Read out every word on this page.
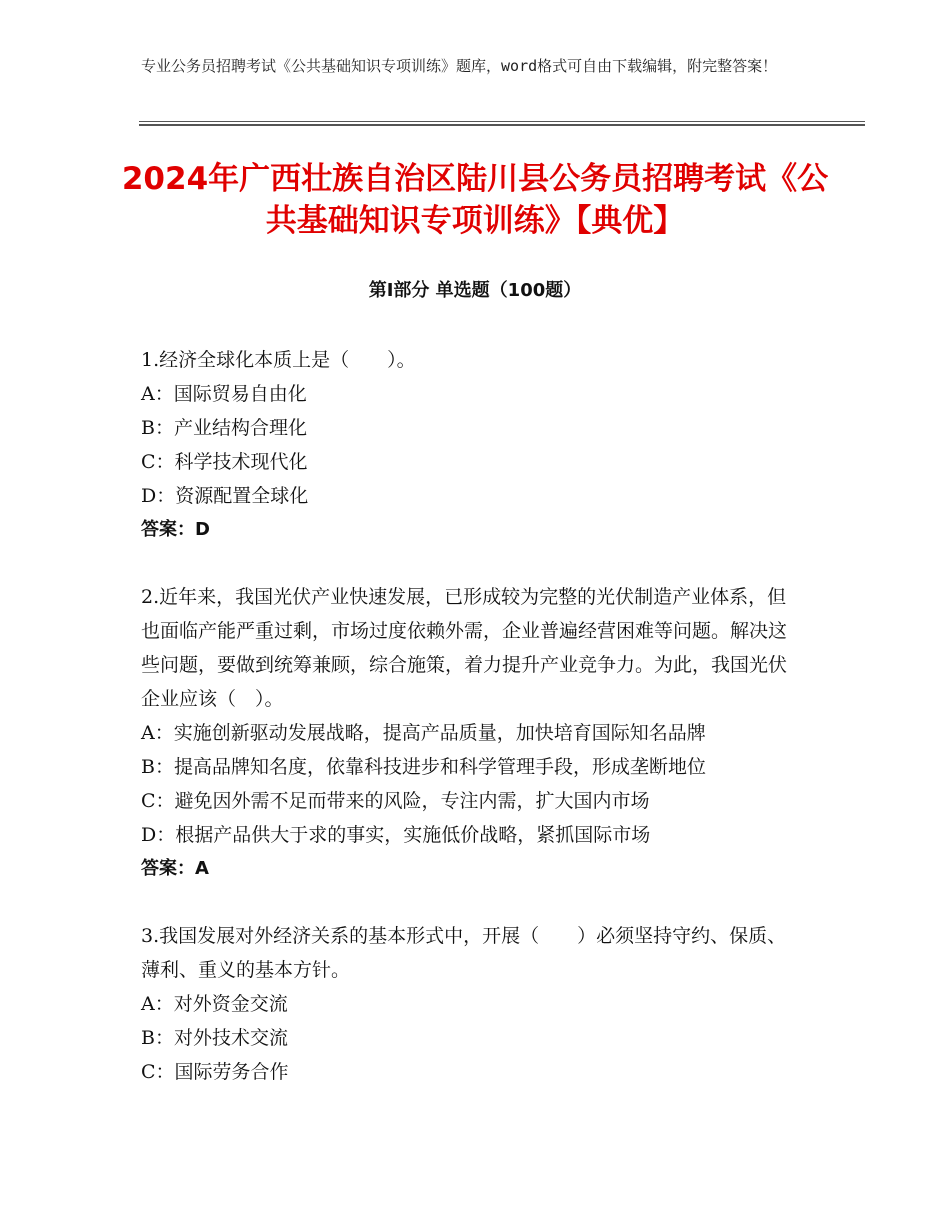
专业公务员招聘考试《公共基础知识专项训练》题库，word格式可自由下载编辑，附完整答案！
2024年广西壮族自治区陆川县公务员招聘考试《公共基础知识专项训练》【典优】
第Ⅰ部分 单选题（100题）

1.经济全球化本质上是（　　）。

A：国际贸易自由化

B：产业结构合理化

C：科学技术现代化

D：资源配置全球化

答案：D

2.近年来，我国光伏产业快速发展，已形成较为完整的光伏制造产业体系，但也面临产能严重过剩，市场过度依赖外需，企业普遍经营困难等问题。解决这些问题，要做到统筹兼顾，综合施策，着力提升产业竞争力。为此，我国光伏企业应该（　）。

A：实施创新驱动发展战略，提高产品质量，加快培育国际知名品牌

B：提高品牌知名度，依靠科技进步和科学管理手段，形成垄断地位

C：避免因外需不足而带来的风险，专注内需，扩大国内市场

D：根据产品供大于求的事实，实施低价战略，紧抓国际市场

答案：A

3.我国发展对外经济关系的基本形式中，开展（　　）必须坚持守约、保质、薄利、重义的基本方针。

A：对外资金交流

B：对外技术交流

C：国际劳务合作
